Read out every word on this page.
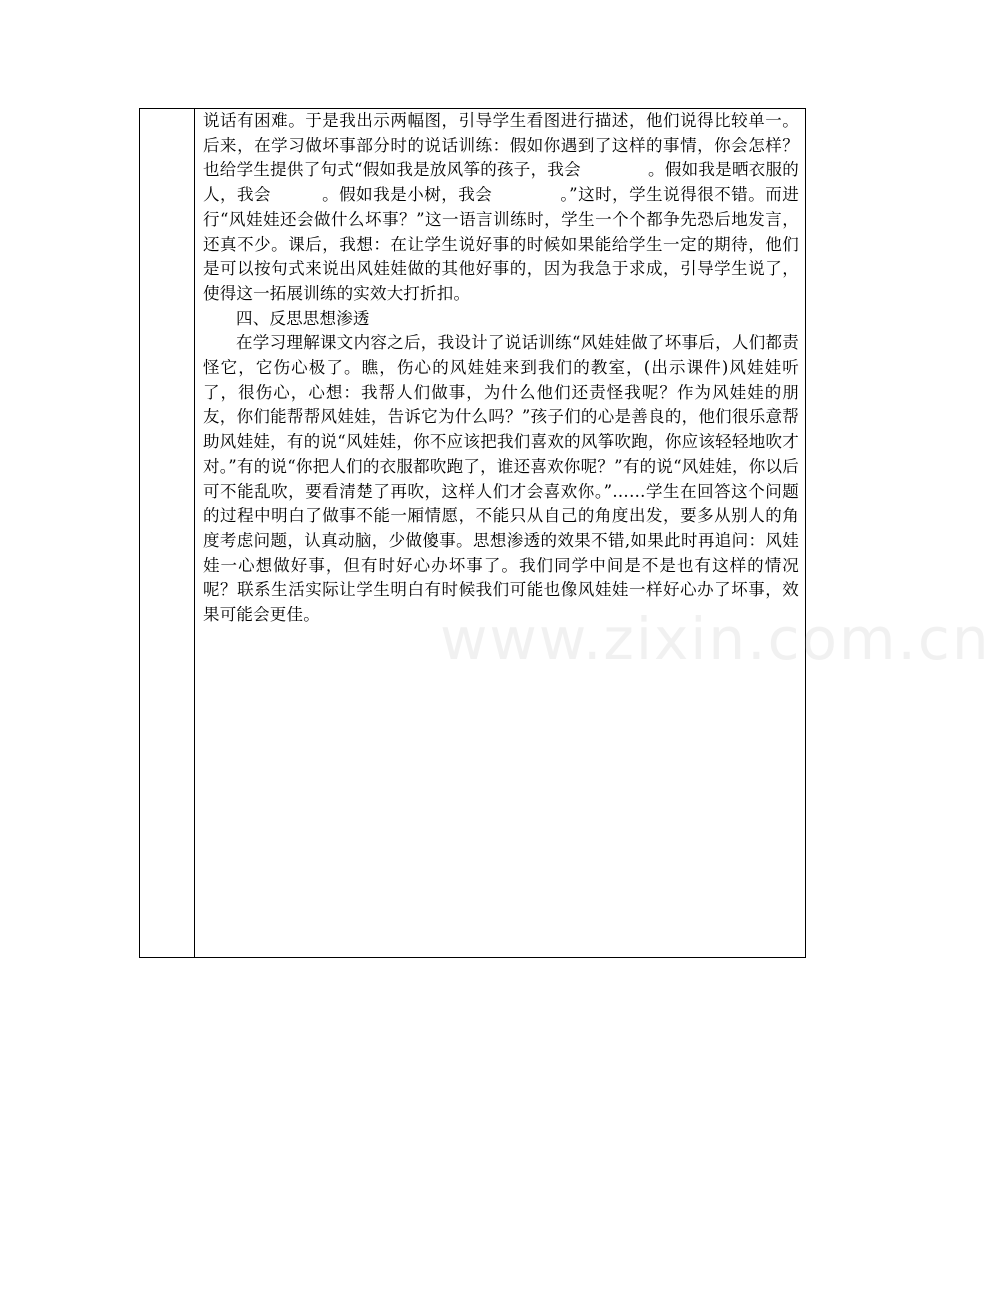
说话有困难。于是我出示两幅图，引导学生看图进行描述，他们说得比较单一。后来，在学习做坏事部分时的说话训练：假如你遇到了这样的事情，你会怎样？也给学生提供了句式“假如我是放风筝的孩子，我会　　　　。假如我是晒衣服的人，我会　　　。假如我是小树，我会　　　　。”这时，学生说得很不错。而进行“风娃娃还会做什么坏事？”这一语言训练时，学生一个个都争先恐后地发言，还真不少。课后，我想：在让学生说好事的时候如果能给学生一定的期待，他们是可以按句式来说出风娃娃做的其他好事的，因为我急于求成，引导学生说了，使得这一拓展训练的实效大打折扣。

四、反思思想渗透

在学习理解课文内容之后，我设计了说话训练“风娃娃做了坏事后，人们都责怪它，它伤心极了。瞧，伤心的风娃娃来到我们的教室，(出示课件)风娃娃听了，很伤心，心想：我帮人们做事，为什么他们还责怪我呢？作为风娃娃的朋友，你们能帮帮风娃娃，告诉它为什么吗？”孩子们的心是善良的，他们很乐意帮助风娃娃，有的说“风娃娃，你不应该把我们喜欢的风筝吹跑，你应该轻轻地吹才对。”有的说“你把人们的衣服都吹跑了，谁还喜欢你呢？”有的说“风娃娃，你以后可不能乱吹，要看清楚了再吹，这样人们才会喜欢你。”……学生在回答这个问题的过程中明白了做事不能一厢情愿，不能只从自己的角度出发，要多从别人的角度考虑问题，认真动脑，少做傻事。思想渗透的效果不错,如果此时再追问：风娃娃一心想做好事，但有时好心办坏事了。我们同学中间是不是也有这样的情况呢？联系生活实际让学生明白有时候我们可能也像风娃娃一样好心办了坏事，效果可能会更佳。	www.zixin.com.cn
